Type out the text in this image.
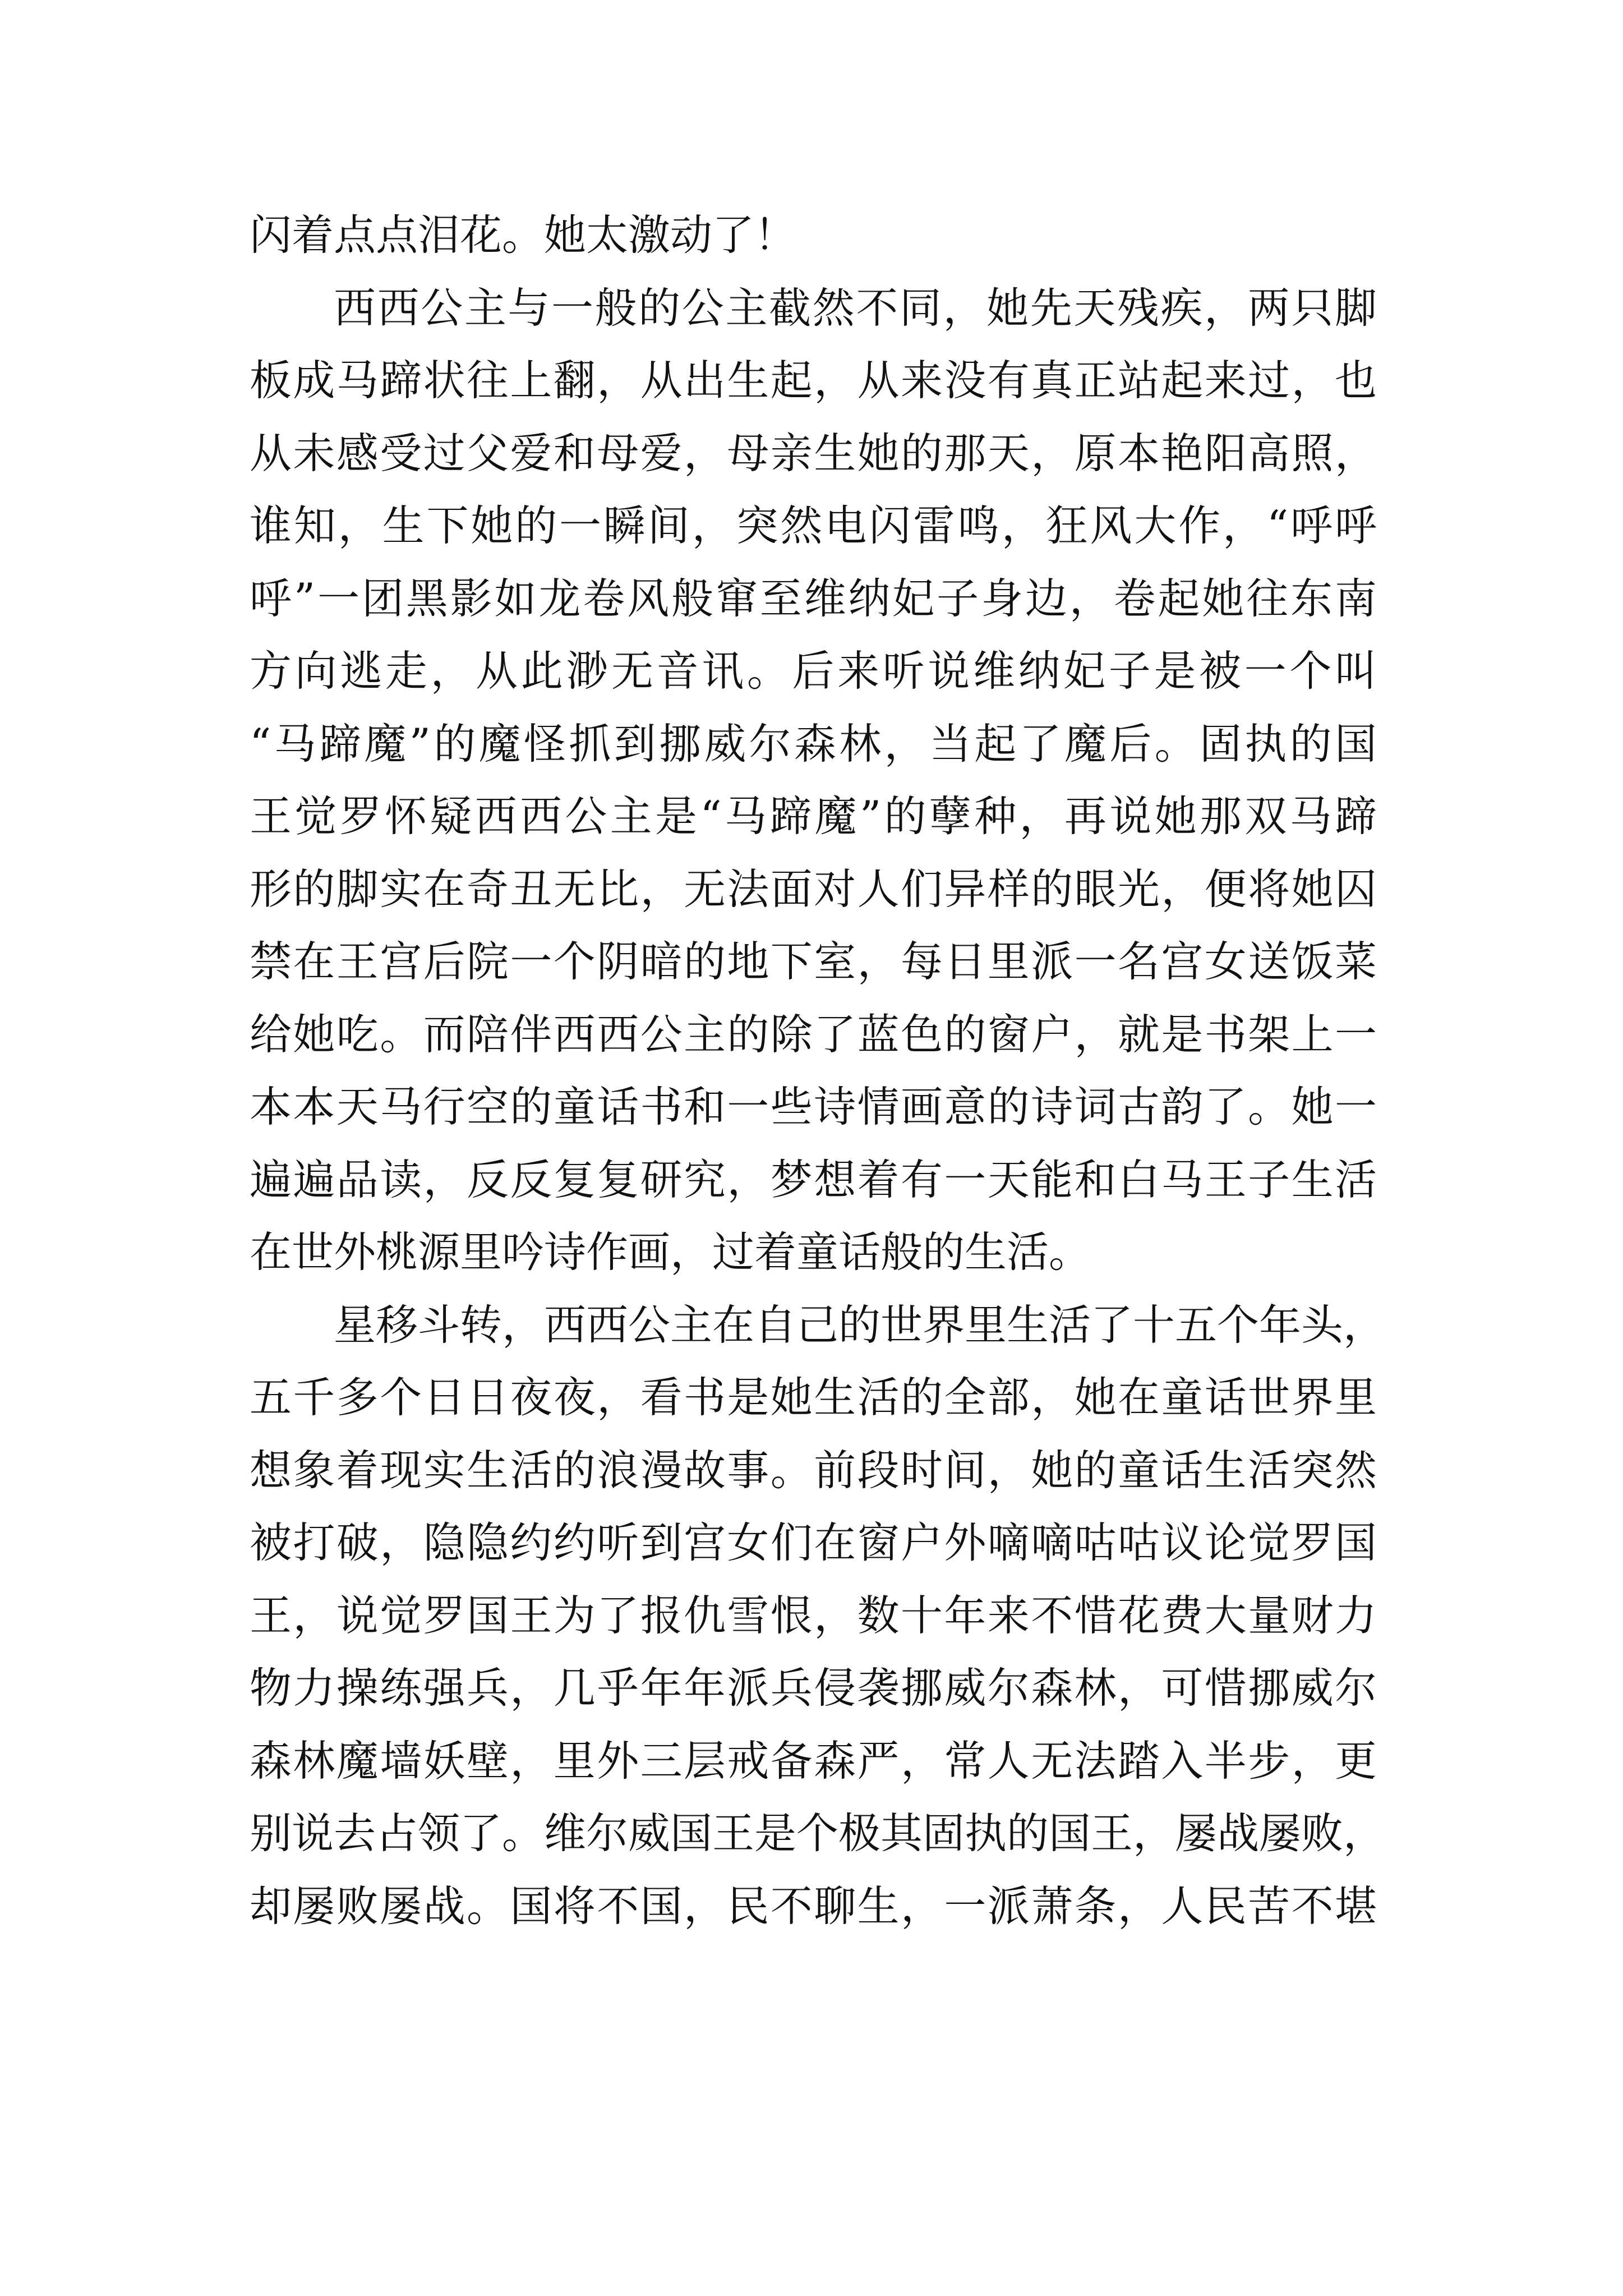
闪着点点泪花。她太激动了！
西西公主与一般的公主截然不同，她先天残疾，两只脚
板成马蹄状往上翻，从出生起，从来没有真正站起来过，也
从未感受过父爱和母爱，母亲生她的那天，原本艳阳高照，
谁知，生下她的一瞬间，突然电闪雷鸣，狂风大作，“呼呼
呼”一团黑影如龙卷风般窜至维纳妃子身边，卷起她往东南
方向逃走，从此渺无音讯。后来听说维纳妃子是被一个叫
“马蹄魔”的魔怪抓到挪威尔森林，当起了魔后。固执的国
王觉罗怀疑西西公主是“马蹄魔”的孽种，再说她那双马蹄
形的脚实在奇丑无比，无法面对人们异样的眼光，便将她囚
禁在王宫后院一个阴暗的地下室，每日里派一名宫女送饭菜
给她吃。而陪伴西西公主的除了蓝色的窗户，就是书架上一
本本天马行空的童话书和一些诗情画意的诗词古韵了。她一
遍遍品读，反反复复研究，梦想着有一天能和白马王子生活
在世外桃源里吟诗作画，过着童话般的生活。
星移斗转，西西公主在自己的世界里生活了十五个年头，
五千多个日日夜夜，看书是她生活的全部，她在童话世界里
想象着现实生活的浪漫故事。前段时间，她的童话生活突然
被打破，隐隐约约听到宫女们在窗户外嘀嘀咕咕议论觉罗国
王，说觉罗国王为了报仇雪恨，数十年来不惜花费大量财力
物力操练强兵，几乎年年派兵侵袭挪威尔森林，可惜挪威尔
森林魔墙妖壁，里外三层戒备森严，常人无法踏入半步，更
别说去占领了。维尔威国王是个极其固执的国王，屡战屡败，
却屡败屡战。国将不国，民不聊生，一派萧条，人民苦不堪
